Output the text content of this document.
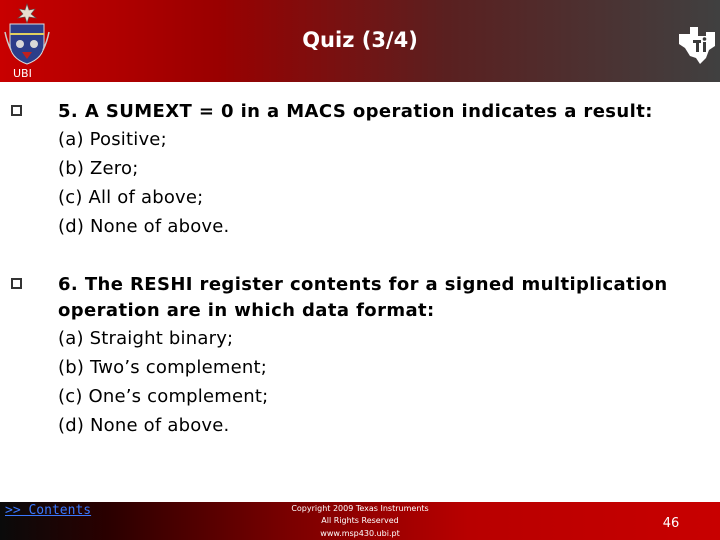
Quiz (3/4)
UBI
5. A SUMEXT = 0 in a MACS operation indicates a result:
(a) Positive;
(b) Zero;
(c) All of above;
(d) None of above.
6. The RESHI register contents for a signed multiplication operation are in which data format:
(a) Straight binary;
(b) Two’s complement;
(c) One’s complement;
(d) None of above.
>> Contents	Copyright 2009 Texas Instruments
All Rights Reserved
www.msp430.ubi.pt
46
